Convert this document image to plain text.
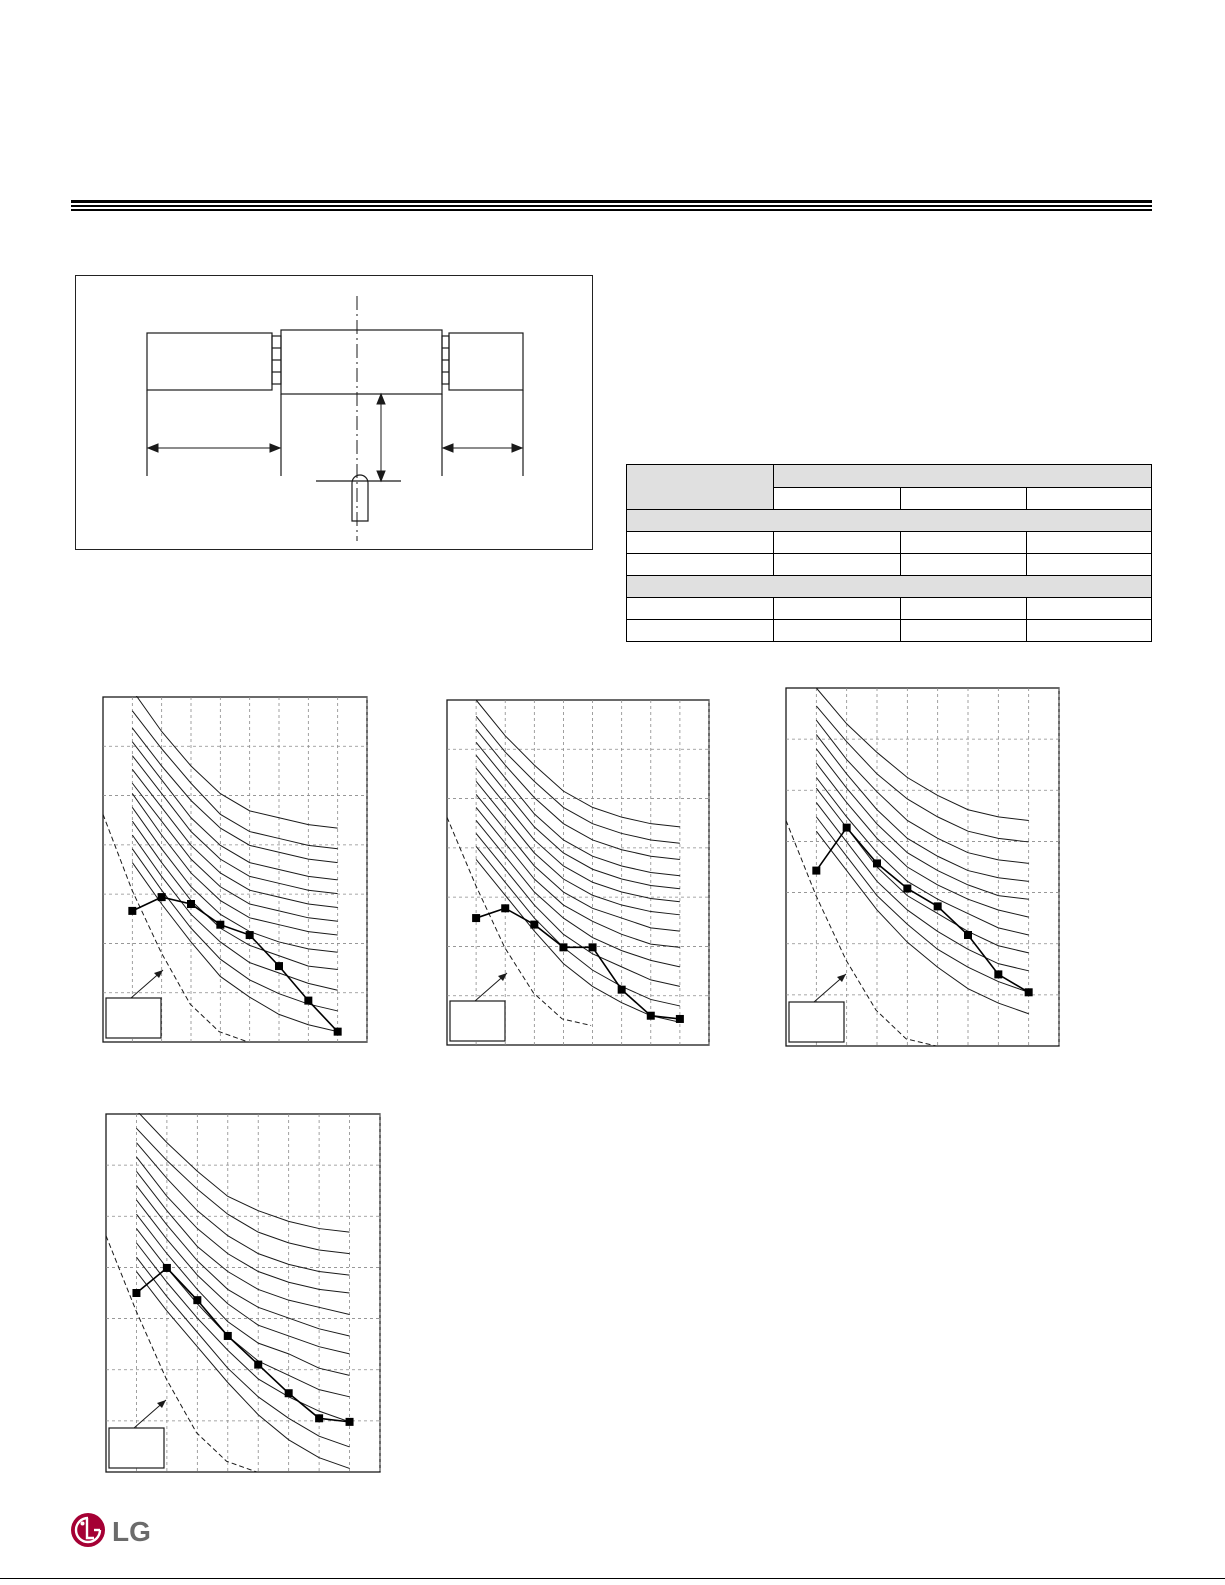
LG
